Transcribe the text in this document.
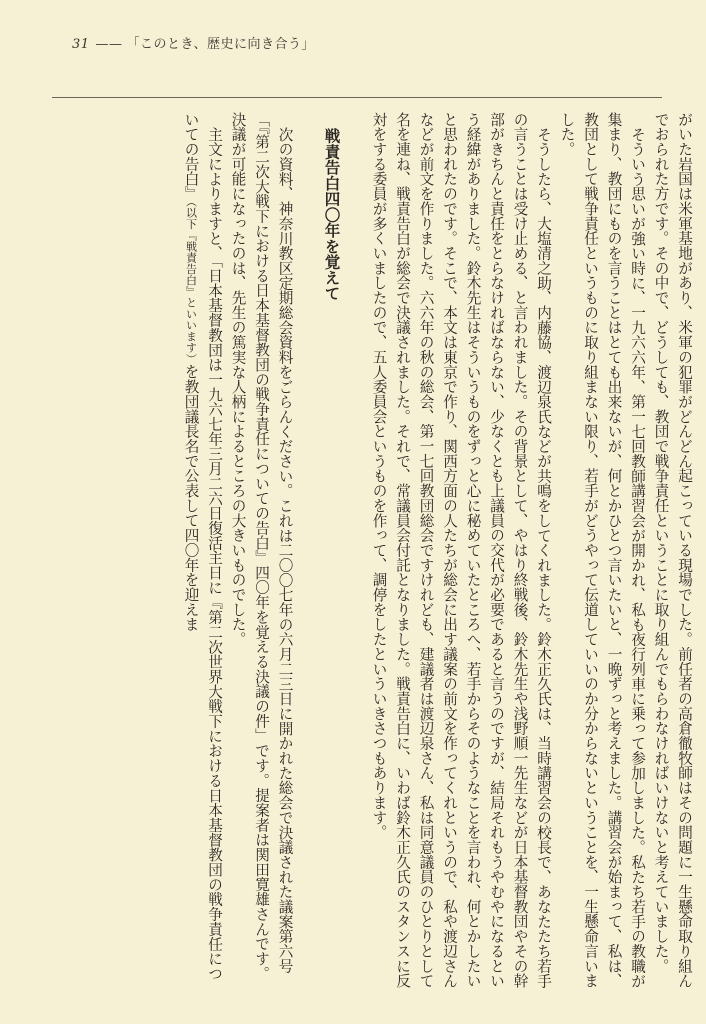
31 —— 「このとき、歴史に向き合う」

がいた岩国は米軍基地があり、米軍の犯罪がどんどん起こっている現場でした。前任者の高倉徹牧師はその問題に一生懸命取り組んでおられた方です。その中で、どうしても、教団で戦争責任ということに取り組んでもらわなければいけないと考えていました。

そういう思いが強い時に、一九六六年、第一七回教師講習会が開かれ、私も夜行列車に乗って参加しました。私たち若手の教職が集まり、教団にものを言うことはとても出来ないが、何とかひとつ言いたいと、一晩ずっと考えました。講習会が始まって、私は、教団として戦争責任というものに取り組まない限り、若手がどうやって伝道していいのか分からないということを、一生懸命言いました。

そうしたら、大塩清之助、内藤協、渡辺泉氏などが共鳴をしてくれました。鈴木正久氏は、当時講習会の校長で、あなたたち若手の言うことは受け止める、と言われました。その背景として、やはり終戦後、鈴木先生や浅野順一先生などが日本基督教団やその幹部がきちんと責任をとらなければならない、少なくとも上議員の交代が必要であると言うのですが、結局それもうやむやになるという経緯がありました。鈴木先生はそういうものをずっと心に秘めていたところへ、若手からそのようなことを言われ、何とかしたいと思われたのです。そこで、本文は東京で作り、関西方面の人たちが総会に出す議案の前文を作ってくれというので、私や渡辺さんなどが前文を作りました。六六年の秋の総会、第一七回教団総会ですけれども、建議者は渡辺泉さん、私は同意議員のひとりとして名を連ね、戦責告白が総会で決議されました。それで、常議員会付託となりました。戦責告白に、いわば鈴木正久氏のスタンスに反対をする委員が多くいましたので、五人委員会というものを作って、調停をしたといういきさつもあります。

戦責告白四〇年を覚えて

次の資料、神奈川教区定期総会資料をごらんください。これは二〇〇七年の六月二三日に開かれた総会で決議された議案第六号「『第二次大戦下における日本基督教団の戦争責任についての告白』四〇年を覚える決議の件」です。提案者は関田寛雄さんです。決議が可能になったのは、先生の篤実な人柄によるところの大きいものでした。

主文によりますと、「日本基督教団は一九六七年三月二六日復活主日に『第二次世界大戦下における日本基督教団の戦争責任についての告白』（以下『戦責告白』といいます）を教団議長名で公表して四〇年を迎えま
